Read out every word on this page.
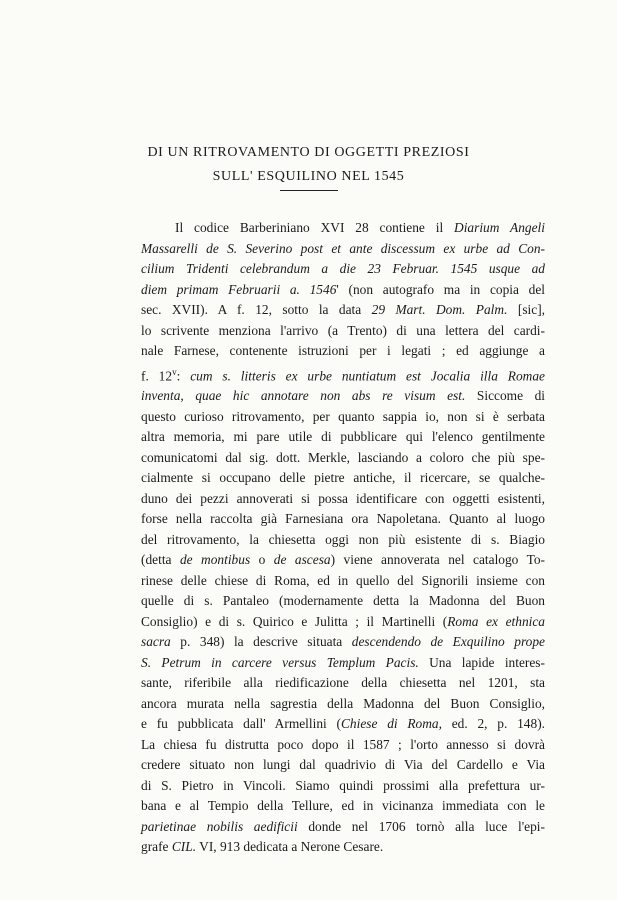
DI UN RITROVAMENTO DI OGGETTI PREZIOSI
SULL' ESQUILINO NEL 1545
Il codice Barberiniano XVI 28 contiene il Diarium Angeli
Massarelli de S. Severino post et ante discessum ex urbe ad Con-
cilium Tridenti celebrandum a die 23 Februar. 1545 usque ad
diem primam Februarii a. 1546' (non autografo ma in copia del
sec. XVII). A f. 12, sotto la data 29 Mart. Dom. Palm. [sic],
lo scrivente menziona l'arrivo (a Trento) di una lettera del cardi-
nale Farnese, contenente istruzioni per i legati ; ed aggiunge a
f. 12$^v$: cum s. litteris ex urbe nuntiatum est Jocalia illa Romae
inventa, quae hic annotare non abs re visum est. Siccome di
questo curioso ritrovamento, per quanto sappia io, non si è serbata
altra memoria, mi pare utile di pubblicare qui l'elenco gentilmente
comunicatomi dal sig. dott. Merkle, lasciando a coloro che più spe-
cialmente si occupano delle pietre antiche, il ricercare, se qualche-
duno dei pezzi annoverati si possa identificare con oggetti esistenti,
forse nella raccolta già Farnesiana ora Napoletana. Quanto al luogo
del ritrovamento, la chiesetta oggi non più esistente di s. Biagio
(detta de montibus o de ascesa) viene annoverata nel catalogo To-
rinese delle chiese di Roma, ed in quello del Signorili insieme con
quelle di s. Pantaleo (modernamente detta la Madonna del Buon
Consiglio) e di s. Quirico e Julitta ; il Martinelli (Roma ex ethnica
sacra p. 348) la descrive situata descendendo de Exquilino prope
S. Petrum in carcere versus Templum Pacis. Una lapide interes-
sante, riferibile alla riedificazione della chiesetta nel 1201, sta
ancora murata nella sagrestia della Madonna del Buon Consiglio,
e fu pubblicata dall' Armellini (Chiese di Roma, ed. 2, p. 148).
La chiesa fu distrutta poco dopo il 1587 ; l'orto annesso si dovrà
credere situato non lungi dal quadrivio di Via del Cardello e Via
di S. Pietro in Vincoli. Siamo quindi prossimi alla prefettura ur-
bana e al Tempio della Tellure, ed in vicinanza immediata con le
parietinae nobilis aedificii donde nel 1706 tornò alla luce l'epi-
grafe CIL. VI, 913 dedicata a Nerone Cesare.
